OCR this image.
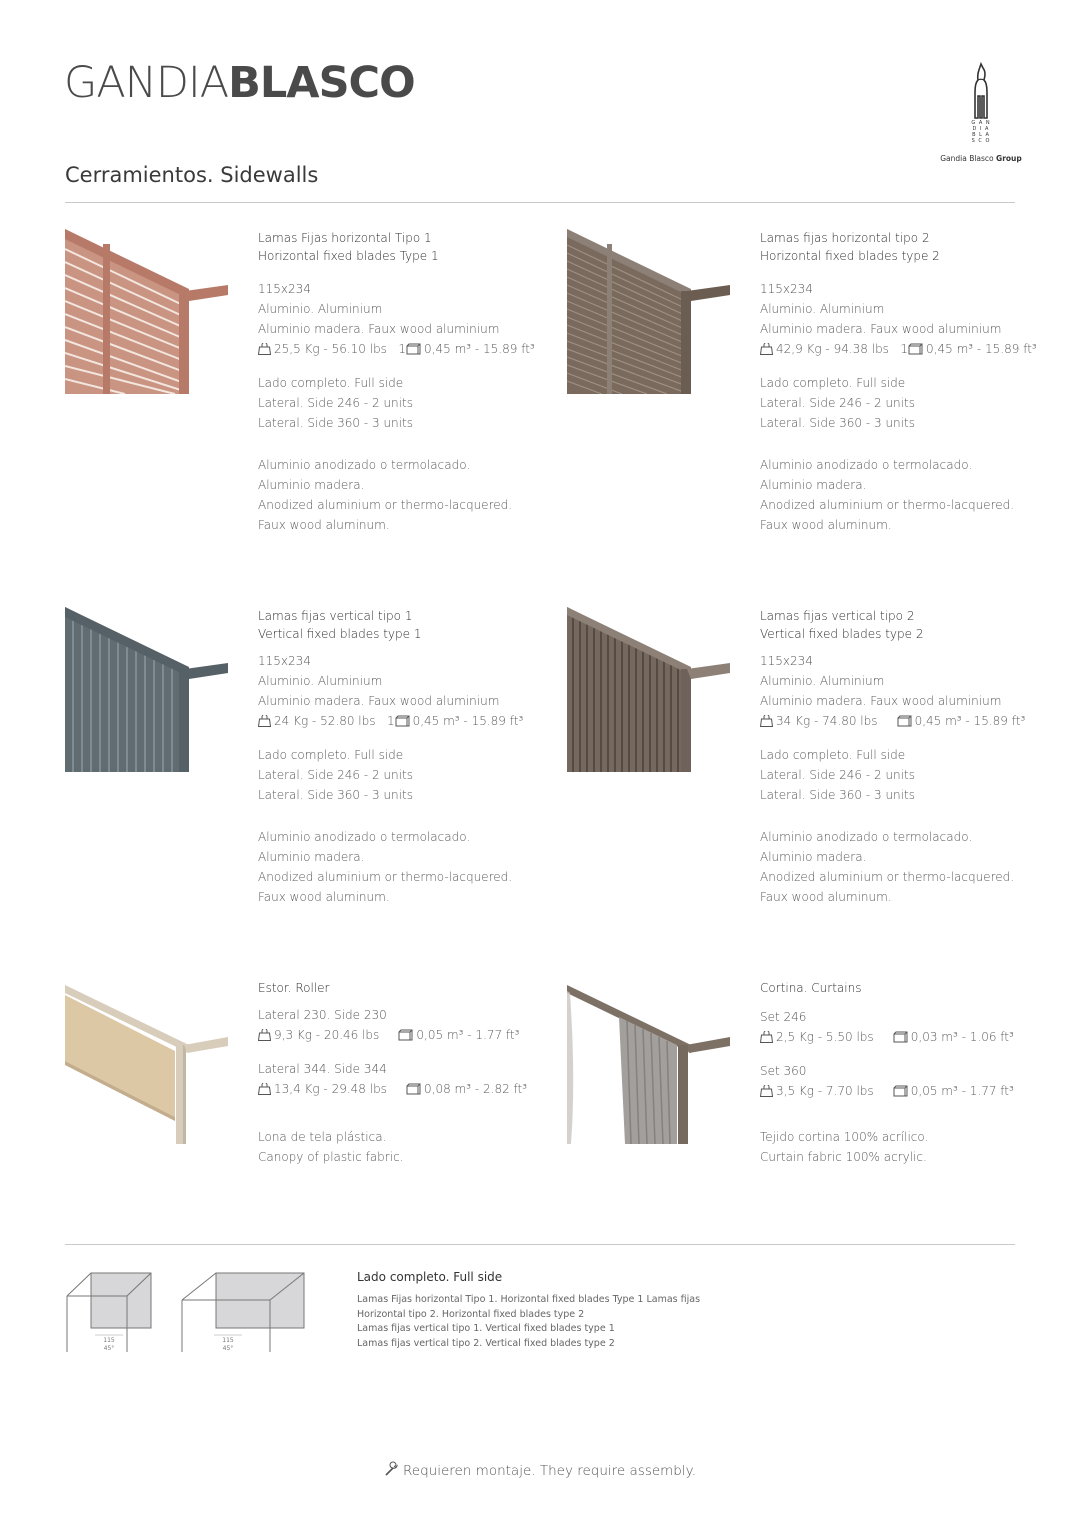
GANDIABLASCO
G A N
D I A
B L A
S C O
Gandia Blasco Group
Cerramientos. Sidewalls
Lamas Fijas horizontal Tipo 1
Horizontal fixed blades Type 1
115x234
Aluminio. Aluminium
Aluminio madera. Faux wood aluminium
25,5 Kg - 56.10 lbs 1 0,45 m³ - 15.89 ft³
Lado completo. Full side
Lateral. Side 246 - 2 units
Lateral. Side 360 - 3 units
Aluminio anodizado o termolacado.
Aluminio madera.
Anodized aluminium or thermo-lacquered.
Faux wood aluminum.
Lamas fijas horizontal tipo 2
Horizontal fixed blades type 2
115x234
Aluminio. Aluminium
Aluminio madera. Faux wood aluminium
42,9 Kg - 94.38 lbs 1 0,45 m³ - 15.89 ft³
Lado completo. Full side
Lateral. Side 246 - 2 units
Lateral. Side 360 - 3 units
Aluminio anodizado o termolacado.
Aluminio madera.
Anodized aluminium or thermo-lacquered.
Faux wood aluminum.
Lamas fijas vertical tipo 1
Vertical fixed blades type 1
115x234
Aluminio. Aluminium
Aluminio madera. Faux wood aluminium
24 Kg - 52.80 lbs 1 0,45 m³ - 15.89 ft³
Lado completo. Full side
Lateral. Side 246 - 2 units
Lateral. Side 360 - 3 units
Aluminio anodizado o termolacado.
Aluminio madera.
Anodized aluminium or thermo-lacquered.
Faux wood aluminum.
Lamas fijas vertical tipo 2
Vertical fixed blades type 2
115x234
Aluminio. Aluminium
Aluminio madera. Faux wood aluminium
34 Kg - 74.80 lbs	0,45 m³ - 15.89 ft³
Lado completo. Full side
Lateral. Side 246 - 2 units
Lateral. Side 360 - 3 units
Aluminio anodizado o termolacado.
Aluminio madera.
Anodized aluminium or thermo-lacquered.
Faux wood aluminum.
Estor. Roller
Lateral 230. Side 230
9,3 Kg - 20.46 lbs	0,05 m³ - 1.77 ft³
Lateral 344. Side 344
13,4 Kg - 29.48 lbs	0,08 m³ - 2.82 ft³
Lona de tela plástica.
Canopy of plastic fabric.
Cortina. Curtains
Set 246
2,5 Kg - 5.50 lbs	0,03 m³ - 1.06 ft³
Set 360
3,5 Kg - 7.70 lbs	0,05 m³ - 1.77 ft³
Tejido cortina 100% acrílico.
Curtain fabric 100% acrylic.
115
45°
115
45°
Lado completo. Full side
Lamas Fijas horizontal Tipo 1. Horizontal fixed blades Type 1 Lamas fijas
Horizontal tipo 2. Horizontal fixed blades type 2
Lamas fijas vertical tipo 1. Vertical fixed blades type 1
Lamas fijas vertical tipo 2. Vertical fixed blades type 2
Requieren montaje. They require assembly.
